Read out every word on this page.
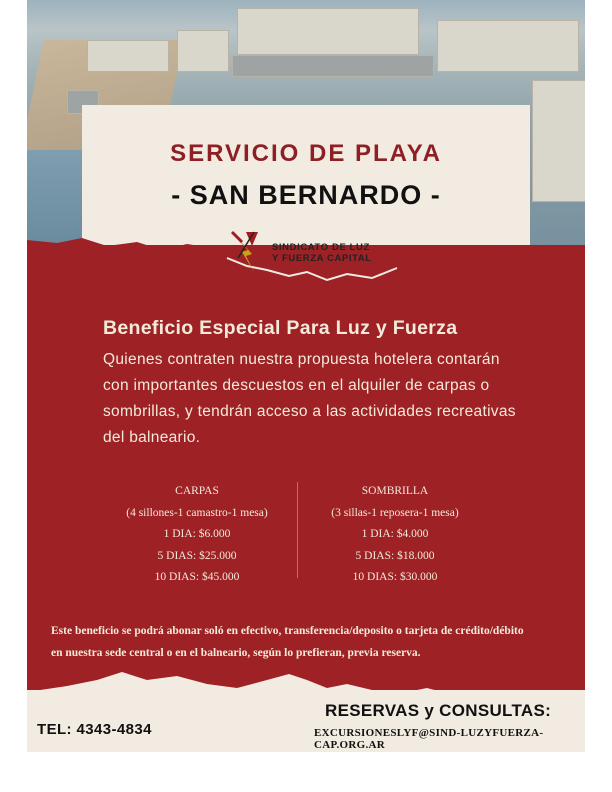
SERVICIO DE PLAYA
- SAN BERNARDO -
SINDICATO DE LUZ
Y FUERZA CAPITAL
Beneficio Especial Para Luz y Fuerza
Quienes contraten nuestra propuesta hotelera contarán
con importantes descuestos en el alquiler de carpas o
sombrillas, y tendrán acceso a las actividades recreativas
del balneario.
CARPAS
(4 sillones-1 camastro-1 mesa)
1 DIA: $6.000
5 DIAS: $25.000
10 DIAS: $45.000
SOMBRILLA
(3 sillas-1 reposera-1 mesa)
1 DIA: $4.000
5 DIAS: $18.000
10 DIAS: $30.000
Este beneficio se podrá abonar soló en efectivo, transferencia/deposito o tarjeta de crédito/débito
en nuestra sede central o en el balneario, según lo prefieran, previa reserva.
TEL: 4343-4834
RESERVAS y CONSULTAS:
EXCURSIONESLYF@SIND-LUZYFUERZA-CAP.ORG.AR
